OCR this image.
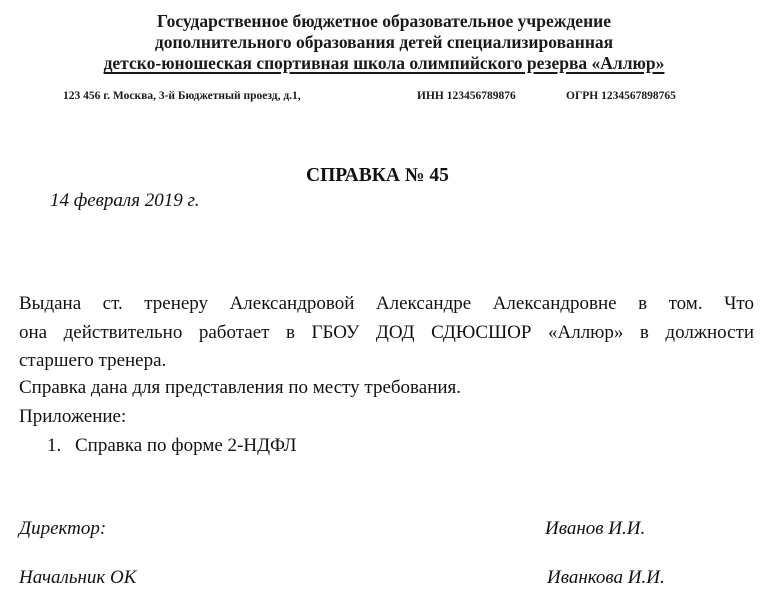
Государственное бюджетное образовательное учреждение
дополнительного образования детей специализированная
детско-юношеская спортивная школа олимпийского резерва «Аллюр»
123 456 г. Москва, 3-й Бюджетный проезд, д.1,	ИНН 123456789876	ОГРН 1234567898765
СПРАВКА № 45
14 февраля 2019 г.
Выдана ст. тренеру Александровой Александре Александровне в том. Что
она действительно работает в ГБОУ ДОД СДЮСШОР «Аллюр» в должности
старшего тренера.
Справка дана для представления по месту требования.
Приложение:
1. Справка по форме 2-НДФЛ
Директор:	Иванов И.И.
Начальник ОК	Иванкова И.И.
